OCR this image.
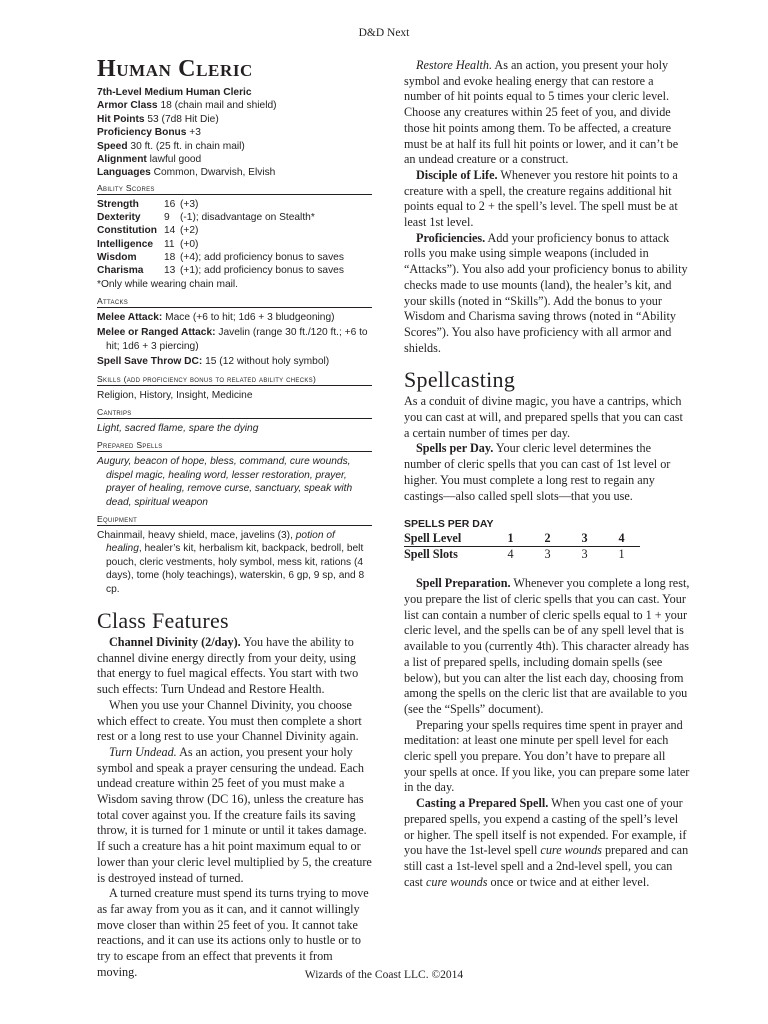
D&D Next
Human Cleric
7th-Level Medium Human Cleric
Armor Class 18 (chain mail and shield)
Hit Points 53 (7d8 Hit Die)
Proficiency Bonus +3
Speed 30 ft. (25 ft. in chain mail)
Alignment lawful good
Languages Common, Dwarvish, Elvish
Ability Scores
Strength	16 (+3)
Dexterity	9	(-1); disadvantage on Stealth*
Constitution 14 (+2)
Intelligence	11 (+0)
Wisdom	18 (+4); add proficiency bonus to saves
Charisma	13 (+1); add proficiency bonus to saves
*Only while wearing chain mail.
Attacks
Melee Attack: Mace (+6 to hit; 1d6 + 3 bludgeoning)
Melee or Ranged Attack: Javelin (range 30 ft./120 ft.; +6 to hit; 1d6 + 3 piercing)
Spell Save Throw DC: 15 (12 without holy symbol)
Skills (add proficiency bonus to related ability checks)
Religion, History, Insight, Medicine
Cantrips
Light, sacred flame, spare the dying
Prepared Spells
Augury, beacon of hope, bless, command, cure wounds, dispel magic, healing word, lesser restoration, prayer, prayer of healing, remove curse, sanctuary, speak with dead, spiritual weapon
Equipment
Chainmail, heavy shield, mace, javelins (3), potion of healing, healer’s kit, herbalism kit, backpack, bedroll, belt pouch, cleric vestments, holy symbol, mess kit, rations (4 days), tome (holy teachings), waterskin, 6 gp, 9 sp, and 8 cp.
Class Features

Channel Divinity (2/day). You have the ability to channel divine energy directly from your deity, using that energy to fuel magical effects. You start with two such effects: Turn Undead and Restore Health.

When you use your Channel Divinity, you choose which effect to create. You must then complete a short rest or a long rest to use your Channel Divinity again.

Turn Undead. As an action, you present your holy symbol and speak a prayer censuring the undead. Each undead creature within 25 feet of you must make a Wisdom saving throw (DC 16), unless the creature has total cover against you. If the creature fails its saving throw, it is turned for 1 minute or until it takes damage. If such a creature has a hit point maximum equal to or lower than your cleric level multiplied by 5, the creature is destroyed instead of turned.

A turned creature must spend its turns trying to move as far away from you as it can, and it cannot willingly move closer than within 25 feet of you. It cannot take reactions, and it can use its actions only to hustle or to try to escape from an effect that prevents it from moving.

Restore Health. As an action, you present your holy symbol and evoke healing energy that can restore a number of hit points equal to 5 times your cleric level. Choose any creatures within 25 feet of you, and divide those hit points among them. To be affected, a creature must be at half its full hit points or lower, and it can’t be an undead creature or a construct.

Disciple of Life. Whenever you restore hit points to a creature with a spell, the creature regains additional hit points equal to 2 + the spell’s level. The spell must be at least 1st level.

Proficiencies. Add your proficiency bonus to attack rolls you make using simple weapons (included in “Attacks”). You also add your proficiency bonus to ability checks made to use mounts (land), the healer’s kit, and your skills (noted in “Skills”). Add the bonus to your Wisdom and Charisma saving throws (noted in “Ability Scores”). You also have proficiency with all armor and shields.

Spellcasting

As a conduit of divine magic, you have a cantrips, which you can cast at will, and prepared spells that you can cast a certain number of times per day.

Spells per Day. Your cleric level determines the number of cleric spells that you can cast of 1st level or higher. You must complete a long rest to regain any castings—also called spell slots—that you use.

SPELLS PER DAY
Spell Level	1	2	3	4
Spell Slots	4	3	3	1

Spell Preparation. Whenever you complete a long rest, you prepare the list of cleric spells that you can cast. Your list can contain a number of cleric spells equal to 1 + your cleric level, and the spells can be of any spell level that is available to you (currently 4th). This character already has a list of prepared spells, including domain spells (see below), but you can alter the list each day, choosing from among the spells on the cleric list that are available to you (see the “Spells” document).

Preparing your spells requires time spent in prayer and meditation: at least one minute per spell level for each cleric spell you prepare. You don’t have to prepare all your spells at once. If you like, you can prepare some later in the day.

Casting a Prepared Spell. When you cast one of your prepared spells, you expend a casting of the spell’s level or higher. The spell itself is not expended. For example, if you have the 1st-level spell cure wounds prepared and can still cast a 1st-level spell and a 2nd-level spell, you can cast cure wounds once or twice and at either level.

Wizards of the Coast LLC. ©2014
